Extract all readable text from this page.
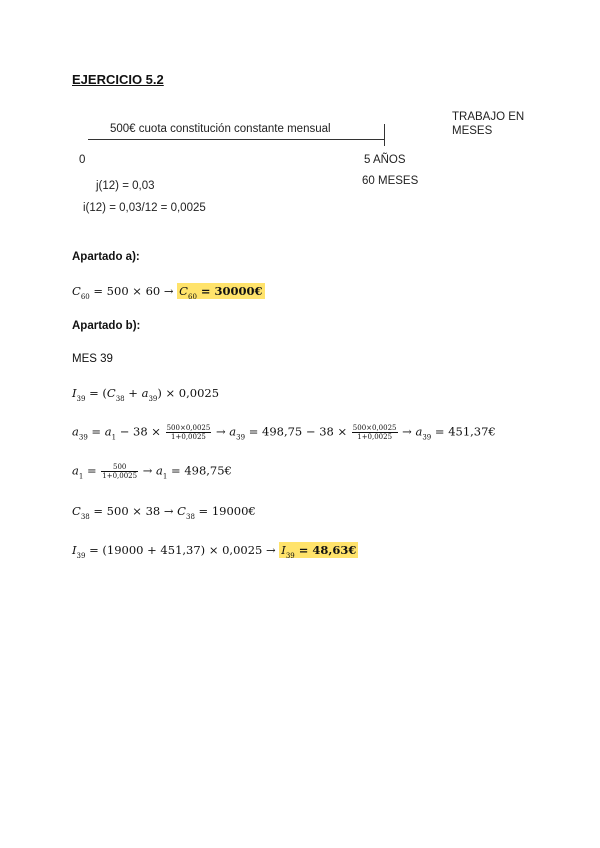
EJERCICIO 5.2
500€ cuota constitución constante mensual
TRABAJO EN
MESES
0	5 AÑOS
60 MESES
j(12) = 0,03
i(12) = 0,03/12 = 0,0025
Apartado a):
$C_{60} = 500 \times 60 \to C_{60}$ = 30000€
Apartado b):
MES 39
$I_{39} = (C_{38} + a_{39}) \times 0,0025$
$a_{39} = a_1 - 38 \times \frac{500\times 0,0025}{1+0,0025} \to a_{39} = 498,75 - 38 \times \frac{500\times 0,0025}{1+0,0025} \to a_{39}$ = 451,37€
$a_1 = \frac{500}{1+0,0025} \to a_1$ = 498,75€
$C_{38} = 500 \times 38 \to C_{38}$ = 19000€
$I_{39} = (19000 + 451,37) \times 0,0025 \to I_{39}$ = 48,63€
